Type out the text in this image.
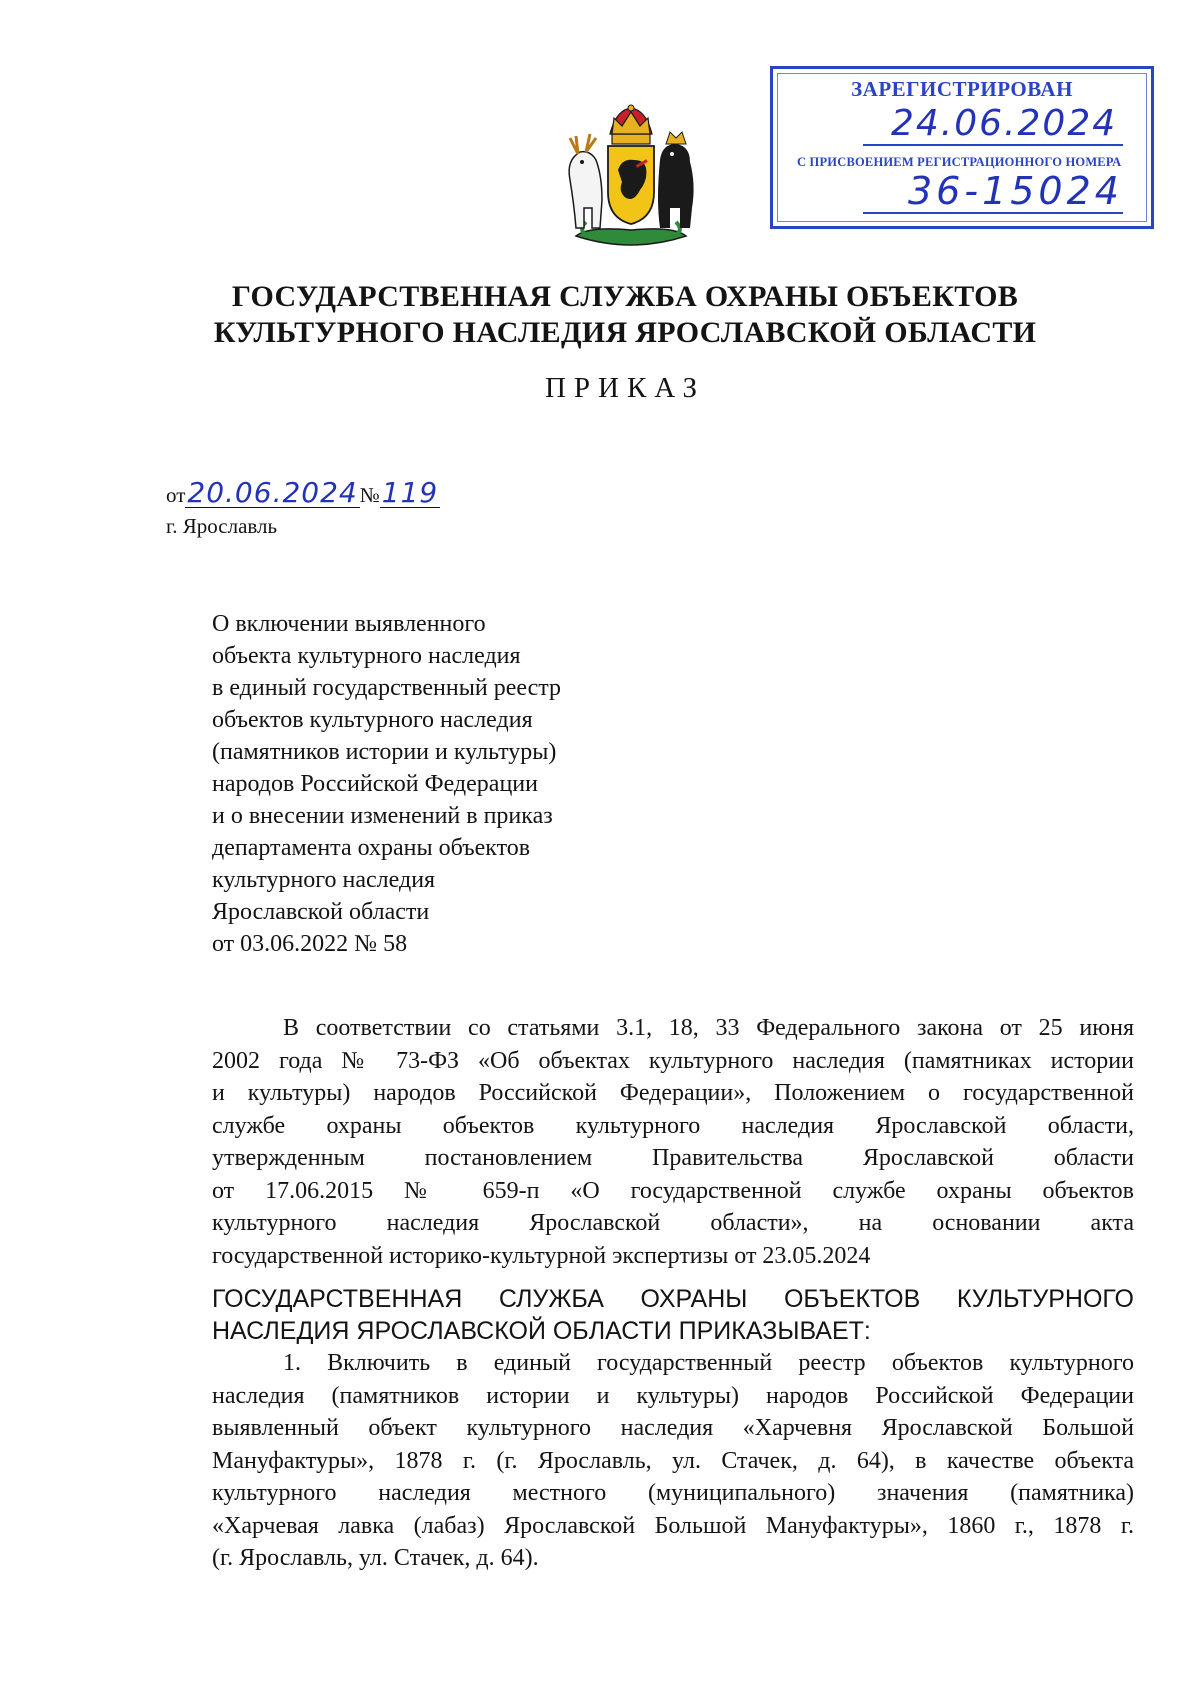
ЗАРЕГИСТРИРОВАН
24.06.2024
С ПРИСВОЕНИЕМ РЕГИСТРАЦИОННОГО НОМЕРА
36-15024
ГОСУДАРСТВЕННАЯ СЛУЖБА ОХРАНЫ ОБЪЕКТОВ
КУЛЬТУРНОГО НАСЛЕДИЯ ЯРОСЛАВСКОЙ ОБЛАСТИ
ПРИКАЗ
от20.06.2024№119
г. Ярославль
О включении выявленного
объекта культурного наследия
в единый государственный реестр
объектов культурного наследия
(памятников истории и культуры)
народов Российской Федерации
и о внесении изменений в приказ
департамента охраны объектов
культурного наследия
Ярославской области
от 03.06.2022 № 58
В соответствии со статьями 3.1, 18, 33 Федерального закона от 25 июня
2002 года № 73-ФЗ «Об объектах культурного наследия (памятниках истории
и культуры) народов Российской Федерации», Положением о государственной
службе охраны объектов культурного наследия Ярославской области,
утвержденным постановлением Правительства Ярославской области
от 17.06.2015 № 659-п «О государственной службе охраны объектов
культурного наследия Ярославской области», на основании акта
государственной историко-культурной экспертизы от 23.05.2024
ГОСУДАРСТВЕННАЯ СЛУЖБА ОХРАНЫ ОБЪЕКТОВ КУЛЬТУРНОГО
НАСЛЕДИЯ ЯРОСЛАВСКОЙ ОБЛАСТИ ПРИКАЗЫВАЕТ:
1. Включить в единый государственный реестр объектов культурного
наследия (памятников истории и культуры) народов Российской Федерации
выявленный объект культурного наследия «Харчевня Ярославской Большой
Мануфактуры», 1878 г. (г. Ярославль, ул. Стачек, д. 64), в качестве объекта
культурного наследия местного (муниципального) значения (памятника)
«Харчевая лавка (лабаз) Ярославской Большой Мануфактуры», 1860 г., 1878 г.
(г. Ярославль, ул. Стачек, д. 64).
